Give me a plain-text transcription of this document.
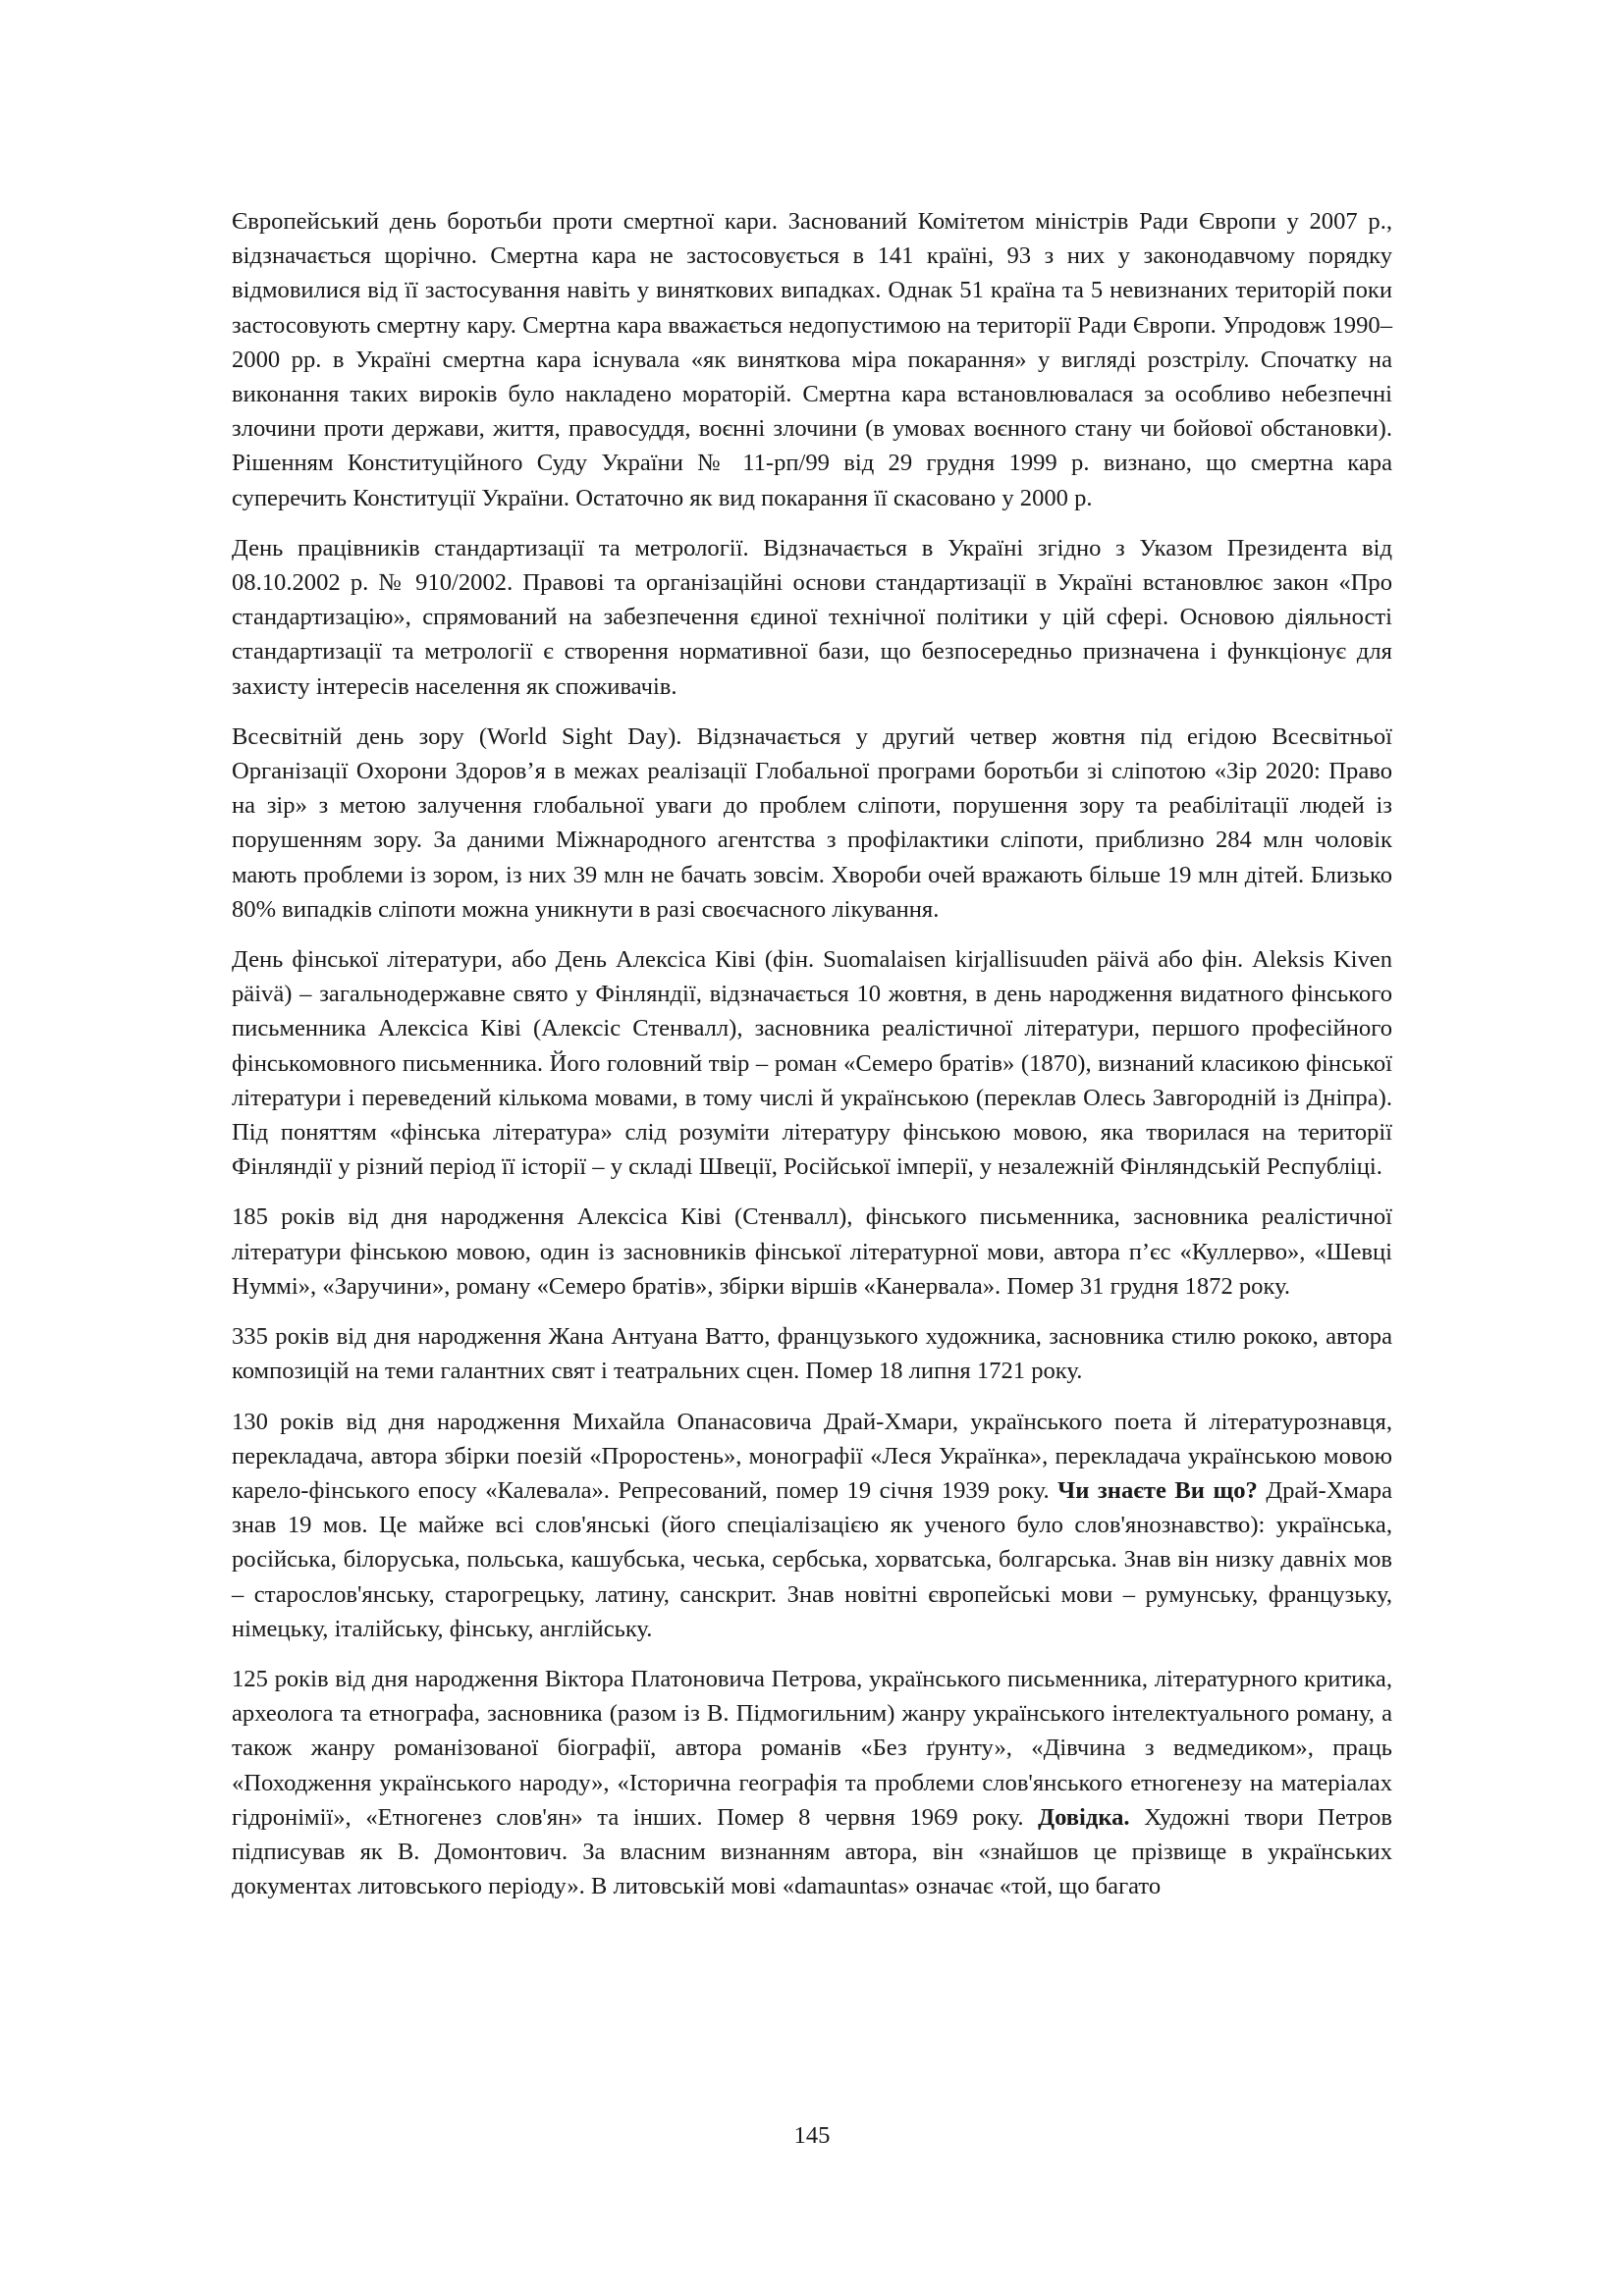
Європейський день боротьби проти смертної кари. Заснований Комітетом міністрів Ради Європи у 2007 р., відзначається щорічно. Смертна кара не застосовується в 141 країні, 93 з них у законодавчому порядку відмовилися від її застосування навіть у виняткових випадках. Однак 51 країна та 5 невизнаних територій поки застосовують смертну кару. Смертна кара вважається недопустимою на території Ради Європи. Упродовж 1990–2000 рр. в Україні смертна кара існувала «як виняткова міра покарання» у вигляді розстрілу. Спочатку на виконання таких вироків було накладено мораторій. Смертна кара встановлювалася за особливо небезпечні злочини проти держави, життя, правосуддя, воєнні злочини (в умовах воєнного стану чи бойової обстановки). Рішенням Конституційного Суду України № 11-рп/99 від 29 грудня 1999 р. визнано, що смертна кара суперечить Конституції України. Остаточно як вид покарання її скасовано у 2000 р.

День працівників стандартизації та метрології. Відзначається в Україні згідно з Указом Президента від 08.10.2002 р. № 910/2002. Правові та організаційні основи стандартизації в Україні встановлює закон «Про стандартизацію», спрямований на забезпечення єдиної технічної політики у цій сфері. Основою діяльності стандартизації та метрології є створення нормативної бази, що безпосередньо призначена і функціонує для захисту інтересів населення як споживачів.

Всесвітній день зору (World Sight Day). Відзначається у другий четвер жовтня під егідою Всесвітньої Організації Охорони Здоров’я в межах реалізації Глобальної програми боротьби зі сліпотою «Зір 2020: Право на зір» з метою залучення глобальної уваги до проблем сліпоти, порушення зору та реабілітації людей із порушенням зору. За даними Міжнародного агентства з профілактики сліпоти, приблизно 284 млн чоловік мають проблеми із зором, із них 39 млн не бачать зовсім. Хвороби очей вражають більше 19 млн дітей. Близько 80% випадків сліпоти можна уникнути в разі своєчасного лікування.

День фінської літератури, або День Алексіса Ківі (фін. Suomalaisen kirjallisuuden päivä або фін. Aleksis Kiven päivä) – загальнодержавне свято у Фінляндії, відзначається 10 жовтня, в день народження видатного фінського письменника Алексіса Ківі (Алексіс Стенвалл), засновника реалістичної літератури, першого професійного фінськомовного письменника. Його головний твір – роман «Семеро братів» (1870), визнаний класикою фінської літератури і переведений кількома мовами, в тому числі й українською (переклав Олесь Завгородній із Дніпра). Під поняттям «фінська література» слід розуміти літературу фінською мовою, яка творилася на території Фінляндії у різний період її історії – у складі Швеції, Російської імперії, у незалежній Фінляндській Республіці.

185 років від дня народження Алексіса Ківі (Стенвалл), фінського письменника, засновника реалістичної літератури фінською мовою, один із засновників фінської літературної мови, автора п’єс «Куллерво», «Шевці Нуммі», «Заручини», роману «Семеро братів», збірки віршів «Канервала». Помер 31 грудня 1872 року.

335 років від дня народження Жана Антуана Ватто, французького художника, засновника стилю рококо, автора композицій на теми галантних свят і театральних сцен. Помер 18 липня 1721 року.

130 років від дня народження Михайла Опанасовича Драй-Хмари, українського поета й літературознавця, перекладача, автора збірки поезій «Проростень», монографії «Леся Українка», перекладача українською мовою карело-фінського епосу «Калевала». Репресований, помер 19 січня 1939 року. Чи знаєте Ви що? Драй-Хмара знав 19 мов. Це майже всі слов'янські (його спеціалізацією як ученого було слов'янознавство): українська, російська, білоруська, польська, кашубська, чеська, сербська, хорватська, болгарська. Знав він низку давніх мов – старослов'янську, старогрецьку, латину, санскрит. Знав новітні європейські мови – румунську, французьку, німецьку, італійську, фінську, англійську.

125 років від дня народження Віктора Платоновича Петрова, українського письменника, літературного критика, археолога та етнографа, засновника (разом із В. Підмогильним) жанру українського інтелектуального роману, а також жанру романізованої біографії, автора романів «Без ґрунту», «Дівчина з ведмедиком», праць «Походження українського народу», «Історична географія та проблеми слов'янського етногенезу на матеріалах гідронімії», «Етногенез слов'ян» та інших. Помер 8 червня 1969 року. Довідка. Художні твори Петров підписував як В. Домонтович. За власним визнанням автора, він «знайшов це прізвище в українських документах литовського періоду». В литовській мові «damauntas» означає «той, що багато

145
